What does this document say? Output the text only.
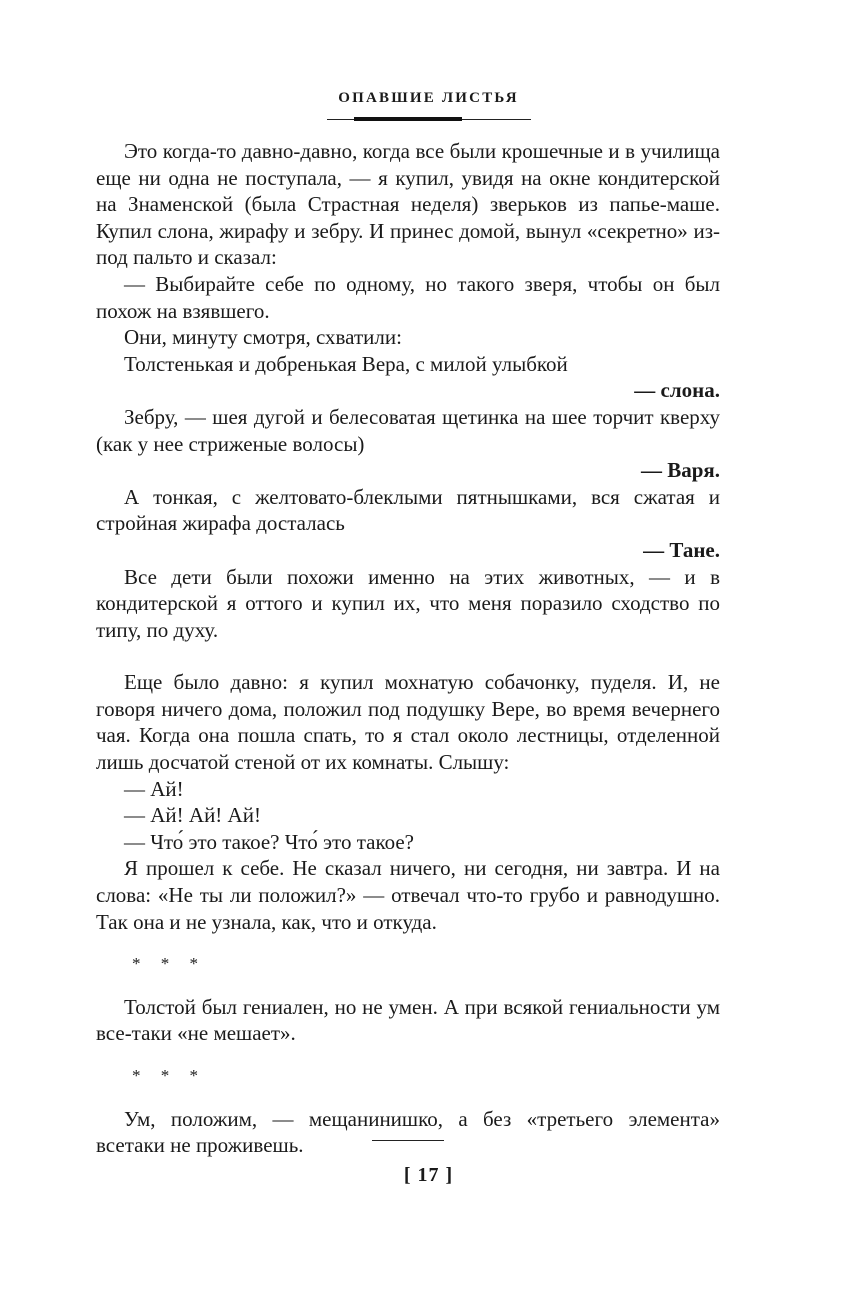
ОПАВШИЕ ЛИСТЬЯ

Это когда-то давно-давно, когда все были крошечные и в училища еще ни одна не поступала, — я купил, увидя на окне кондитерской на Знаменской (была Страстная неделя) зверьков из папье-маше. Купил слона, жирафу и зебру. И принес домой, вынул «секретно» из-под пальто и сказал:

— Выбирайте себе по одному, но такого зверя, чтобы он был похож на взявшего.

Они, минуту смотря, схватили:

Толстенькая и добренькая Вера, с милой улыбкой

— слона.

Зебру, — шея дугой и белесоватая щетинка на шее торчит кверху (как у нее стриженые волосы)

— Варя.

А тонкая, с желтовато-блеклыми пятнышками, вся сжатая и стройная жирафа досталась

— Тане.

Все дети были похожи именно на этих животных, — и в кондитерской я оттого и купил их, что меня поразило сходство по типу, по духу.

Еще было давно: я купил мохнатую собачонку, пуделя. И, не говоря ничего дома, положил под подушку Вере, во время вечернего чая. Когда она пошла спать, то я стал около лестницы, отделенной лишь досчатой стеной от их комнаты. Слышу:

— Ай!

— Ай! Ай! Ай!

— Что́ это такое? Что́ это такое?

Я прошел к себе. Не сказал ничего, ни сегодня, ни завтра. И на слова: «Не ты ли положил?» — отвечал что-то грубо и равнодушно. Так она и не узнала, как, что и откуда.

* * *

Толстой был гениален, но не умен. А при всякой гениальности ум все-таки «не мешает».

* * *

Ум, положим, — мещанинишко, а без «третьего элемента» всетаки не проживешь.

[ 17 ]
